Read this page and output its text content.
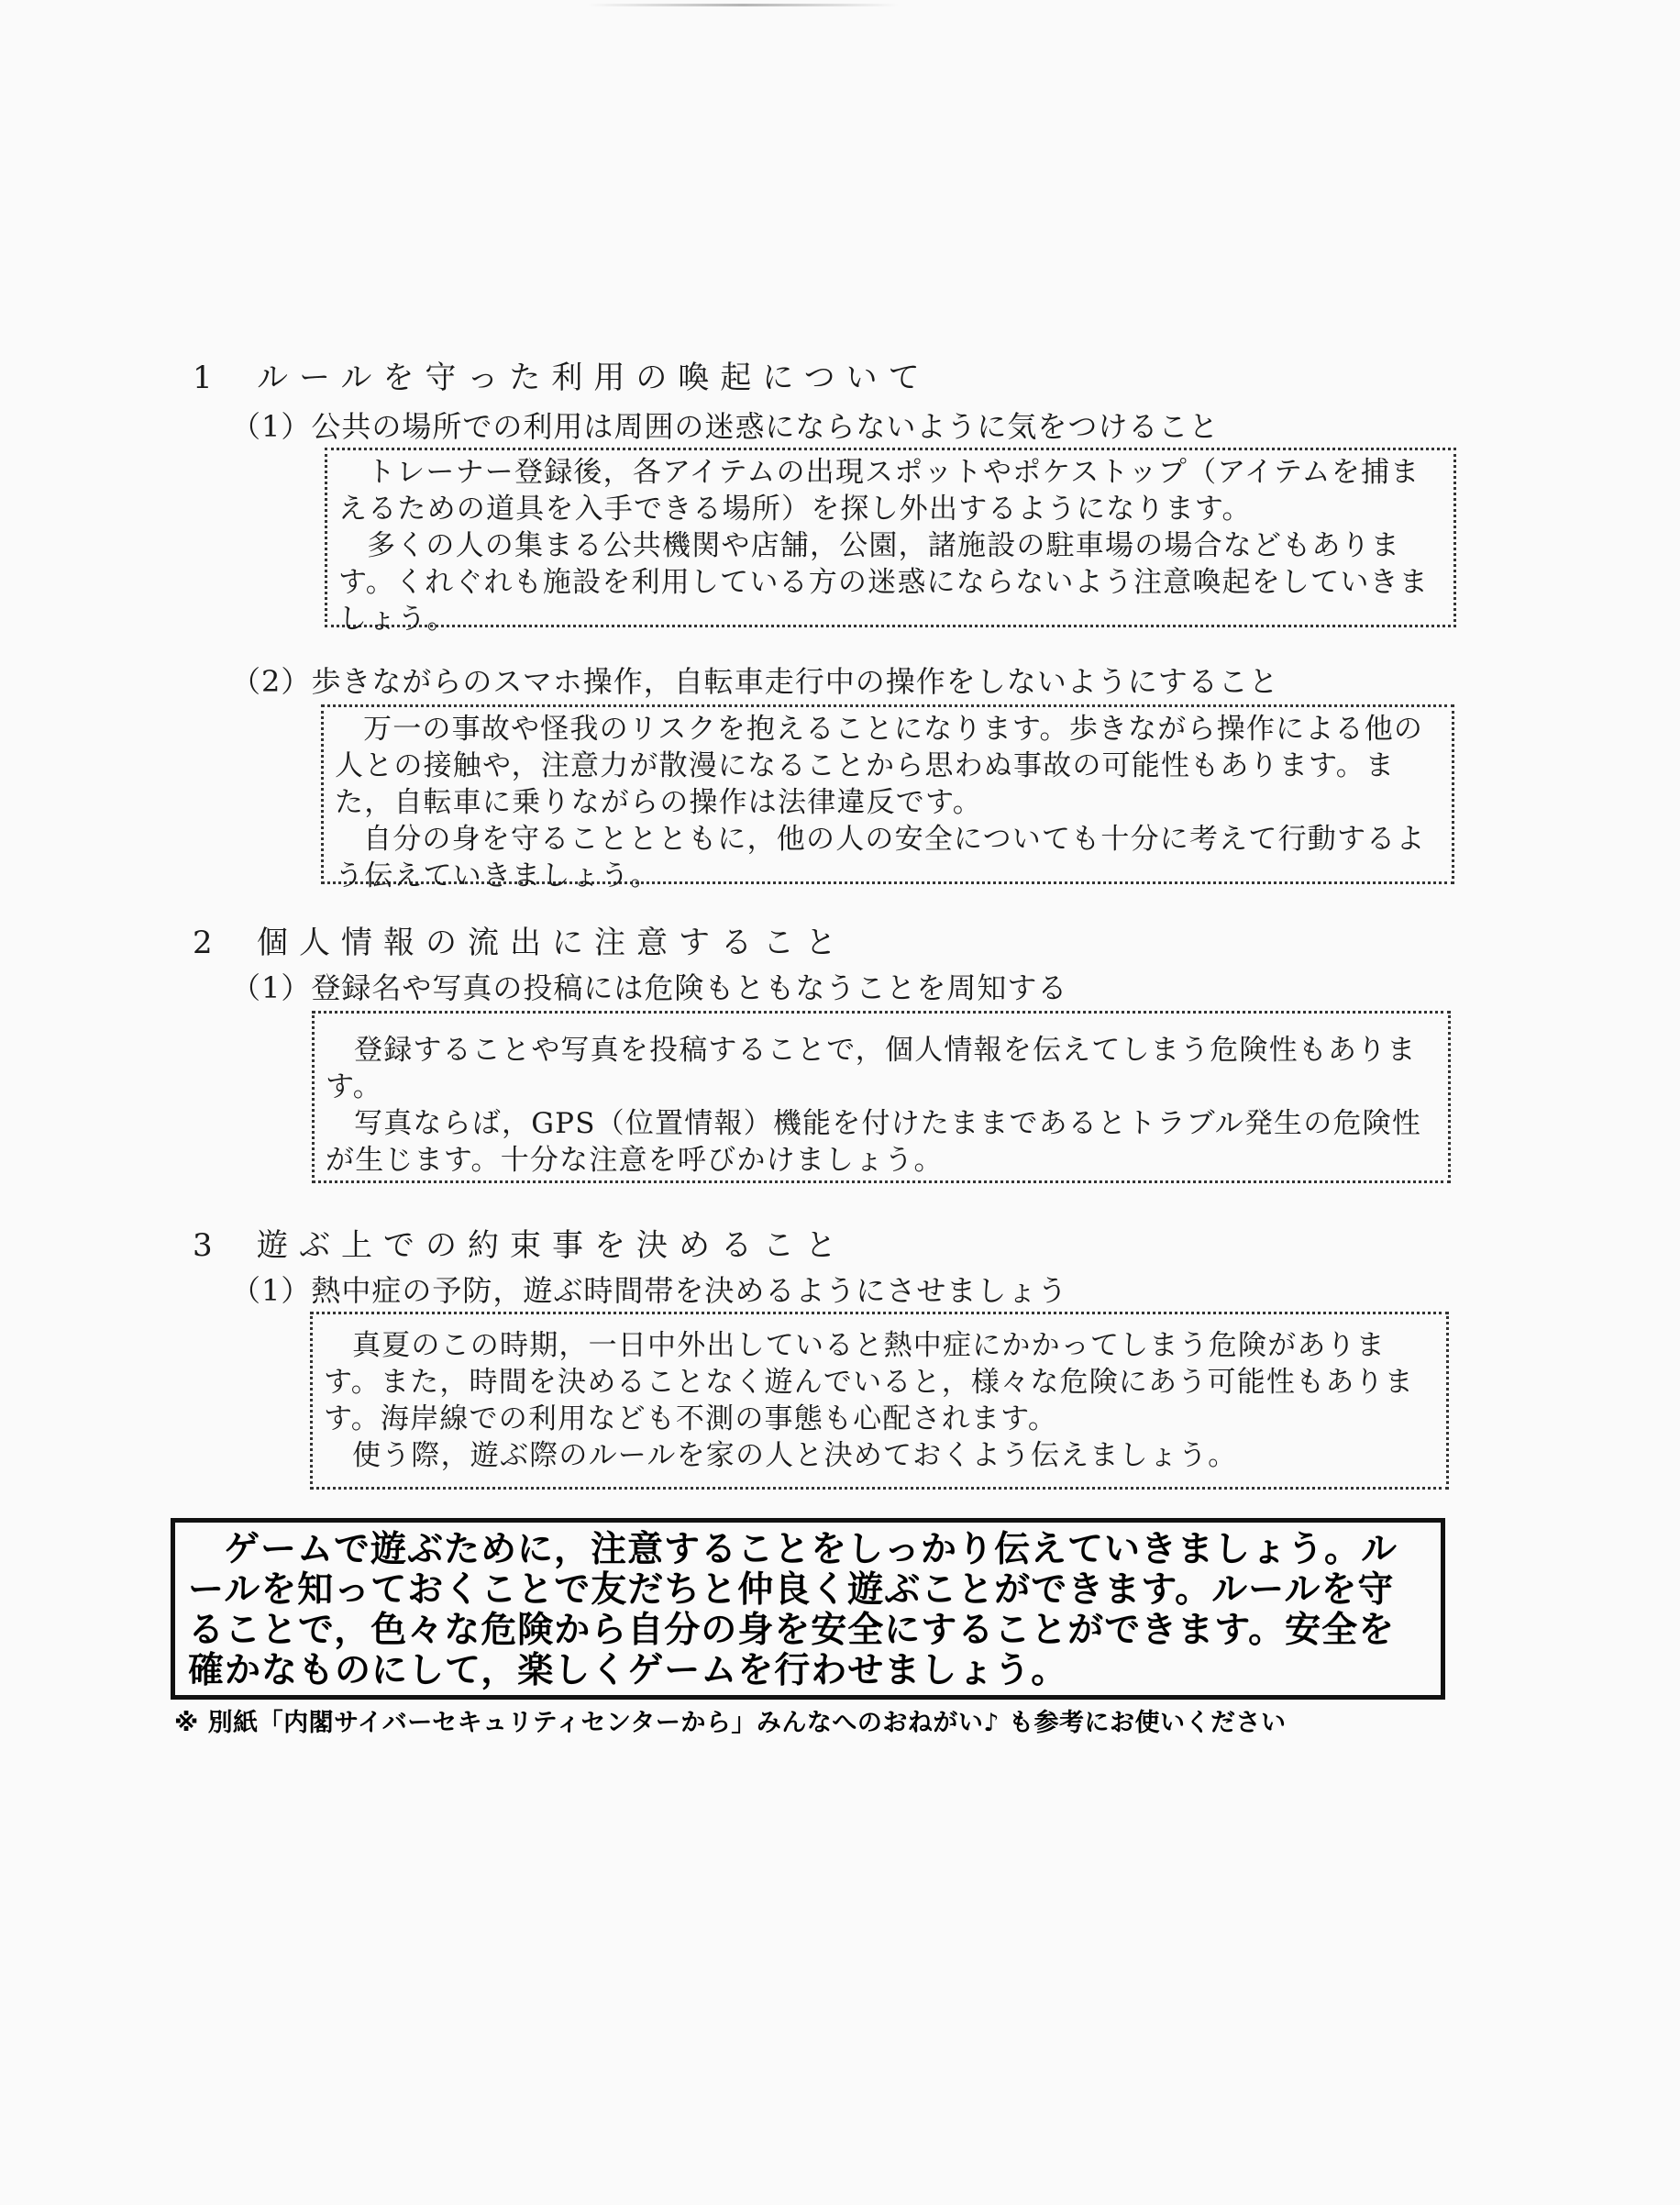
1 ルールを守った利用の喚起について
（1）公共の場所での利用は周囲の迷惑にならないように気をつけること

トレーナー登録後，各アイテムの出現スポットやポケストップ（アイテムを捕まえるための道具を入手できる場所）を探し外出するようになります。

多くの人の集まる公共機関や店舗，公園，諸施設の駐車場の場合などもあります。くれぐれも施設を利用している方の迷惑にならないよう注意喚起をしていきましょう。

（2）歩きながらのスマホ操作，自転車走行中の操作をしないようにすること

万一の事故や怪我のリスクを抱えることになります。歩きながら操作による他の人との接触や，注意力が散漫になることから思わぬ事故の可能性もあります。また，自転車に乗りながらの操作は法律違反です。

自分の身を守ることとともに，他の人の安全についても十分に考えて行動するよう伝えていきましょう。

2 個人情報の流出に注意すること
（1）登録名や写真の投稿には危険もともなうことを周知する

登録することや写真を投稿することで，個人情報を伝えてしまう危険性もあります。

写真ならば，GPS（位置情報）機能を付けたままであるとトラブル発生の危険性が生じます。十分な注意を呼びかけましょう。

3 遊ぶ上での約束事を決めること
（1）熱中症の予防，遊ぶ時間帯を決めるようにさせましょう

真夏のこの時期，一日中外出していると熱中症にかかってしまう危険があります。また，時間を決めることなく遊んでいると，様々な危険にあう可能性もあります。海岸線での利用なども不測の事態も心配されます。

使う際，遊ぶ際のルールを家の人と決めておくよう伝えましょう。

ゲームで遊ぶために，注意することをしっかり伝えていきましょう。ルールを知っておくことで友だちと仲良く遊ぶことができます。ルールを守ることで，色々な危険から自分の身を安全にすることができます。安全を確かなものにして，楽しくゲームを行わせましょう。
※ 別紙「内閣サイバーセキュリティセンターから」みんなへのおねがい♪ も参考にお使いください
